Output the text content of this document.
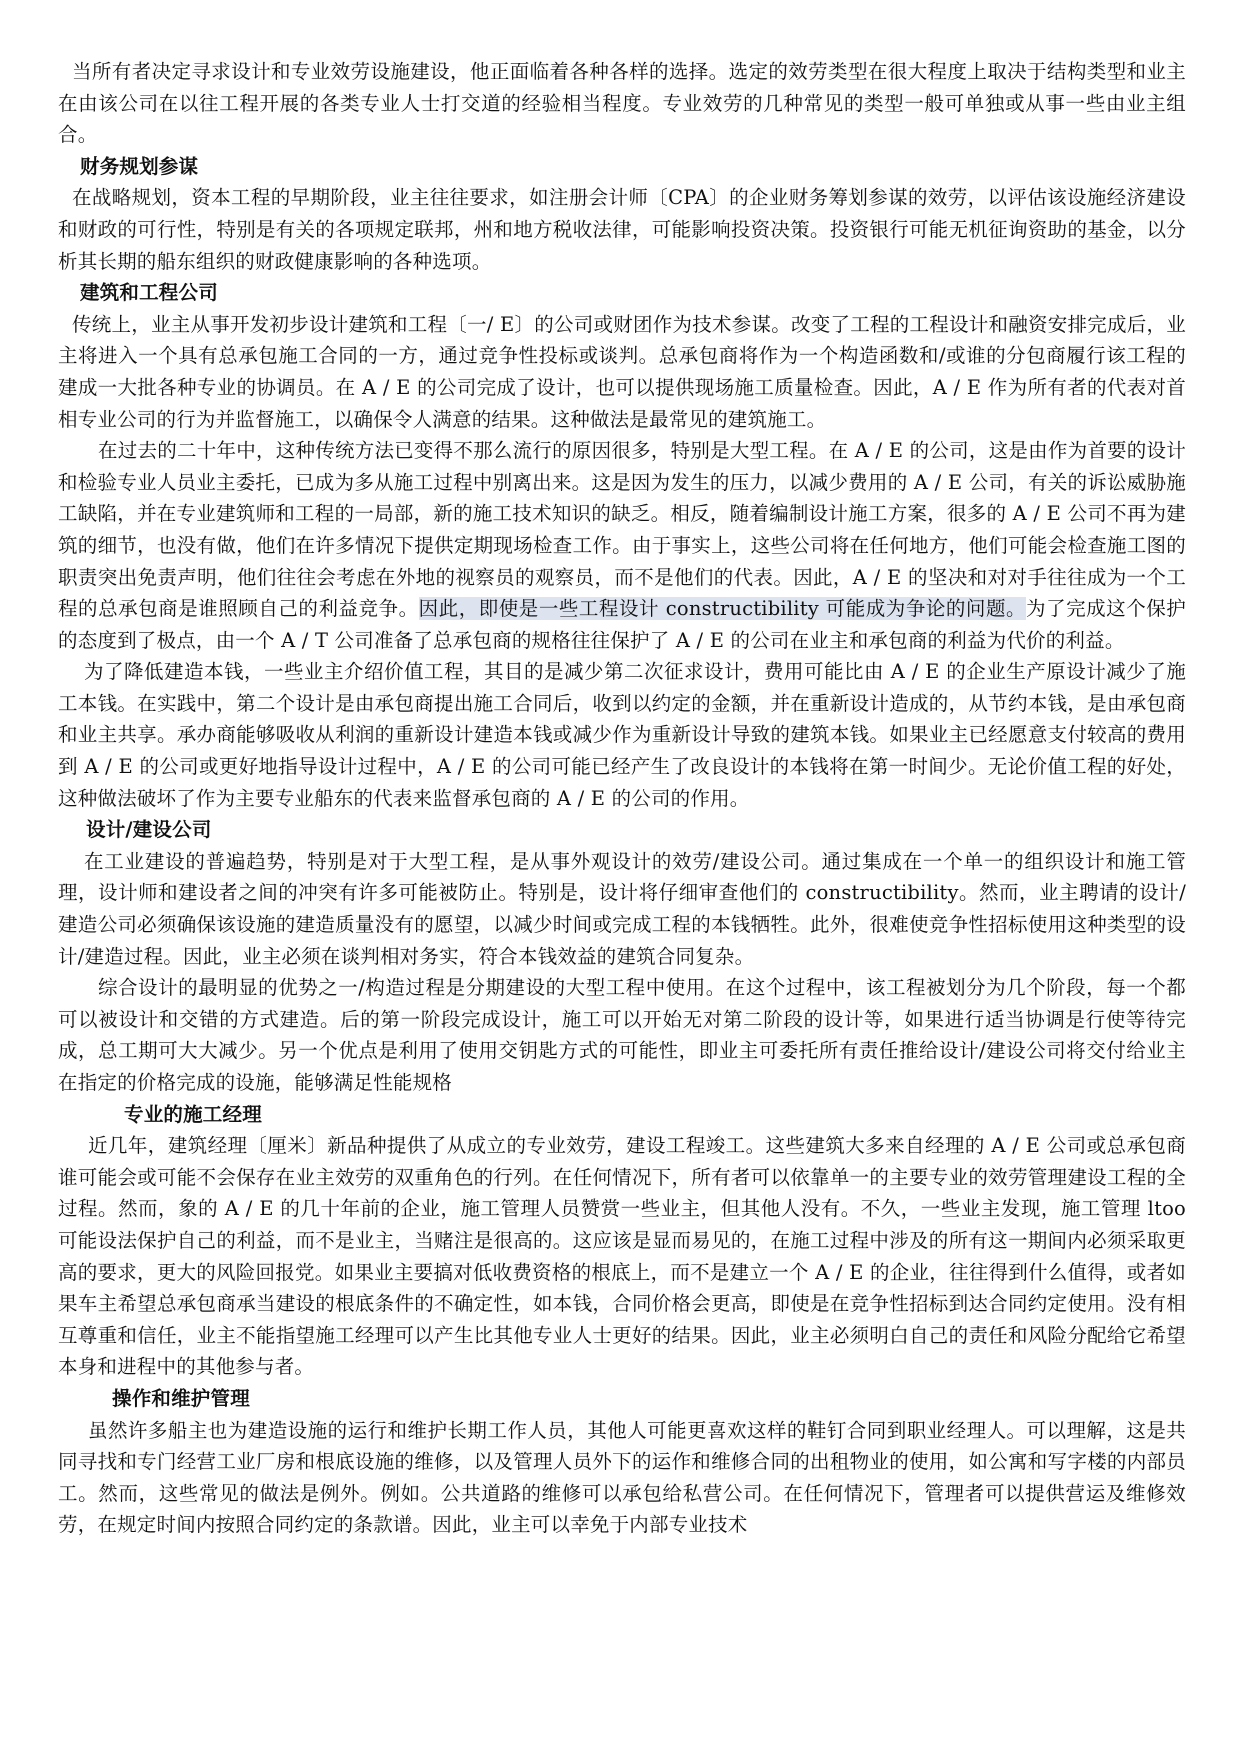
当所有者决定寻求设计和专业效劳设施建设，他正面临着各种各样的选择。选定的效劳类型在很大程度上取决于结构类型和业主在由该公司在以往工程开展的各类专业人士打交道的经验相当程度。专业效劳的几种常见的类型一般可单独或从事一些由业主组合。

财务规划参谋

在战略规划，资本工程的早期阶段，业主往往要求，如注册会计师〔CPA〕的企业财务筹划参谋的效劳，以评估该设施经济建设和财政的可行性，特别是有关的各项规定联邦，州和地方税收法律，可能影响投资决策。投资银行可能无机征询资助的基金，以分析其长期的船东组织的财政健康影响的各种选项。

建筑和工程公司

传统上，业主从事开发初步设计建筑和工程〔一/ E〕的公司或财团作为技术参谋。改变了工程的工程设计和融资安排完成后，业主将进入一个具有总承包施工合同的一方，通过竞争性投标或谈判。总承包商将作为一个构造函数和/或谁的分包商履行该工程的建成一大批各种专业的协调员。在 A / E 的公司完成了设计，也可以提供现场施工质量检查。因此，A / E 作为所有者的代表对首相专业公司的行为并监督施工，以确保令人满意的结果。这种做法是最常见的建筑施工。

在过去的二十年中，这种传统方法已变得不那么流行的原因很多，特别是大型工程。在 A / E 的公司，这是由作为首要的设计和检验专业人员业主委托，已成为多从施工过程中别离出来。这是因为发生的压力，以减少费用的 A / E 公司，有关的诉讼威胁施工缺陷，并在专业建筑师和工程的一局部，新的施工技术知识的缺乏。相反，随着编制设计施工方案，很多的 A / E 公司不再为建筑的细节，也没有做，他们在许多情况下提供定期现场检查工作。由于事实上，这些公司将在任何地方，他们可能会检查施工图的职责突出免责声明，他们往往会考虑在外地的视察员的观察员，而不是他们的代表。因此，A / E 的坚决和对对手往往成为一个工程的总承包商是谁照顾自己的利益竞争。因此，即使是一些工程设计 constructibility 可能成为争论的问题。为了完成这个保护的态度到了极点，由一个 A / T 公司准备了总承包商的规格往往保护了 A / E 的公司在业主和承包商的利益为代价的利益。

为了降低建造本钱，一些业主介绍价值工程，其目的是减少第二次征求设计，费用可能比由 A / E 的企业生产原设计减少了施工本钱。在实践中，第二个设计是由承包商提出施工合同后，收到以约定的金额，并在重新设计造成的，从节约本钱，是由承包商和业主共享。承办商能够吸收从利润的重新设计建造本钱或减少作为重新设计导致的建筑本钱。如果业主已经愿意支付较高的费用到 A / E 的公司或更好地指导设计过程中，A / E 的公司可能已经产生了改良设计的本钱将在第一时间少。无论价值工程的好处，这种做法破坏了作为主要专业船东的代表来监督承包商的 A / E 的公司的作用。

设计/建设公司

在工业建设的普遍趋势，特别是对于大型工程，是从事外观设计的效劳/建设公司。通过集成在一个单一的组织设计和施工管理，设计师和建设者之间的冲突有许多可能被防止。特别是，设计将仔细审查他们的 constructibility。然而，业主聘请的设计/建造公司必须确保该设施的建造质量没有的愿望，以减少时间或完成工程的本钱牺牲。此外，很难使竞争性招标使用这种类型的设计/建造过程。因此，业主必须在谈判相对务实，符合本钱效益的建筑合同复杂。

综合设计的最明显的优势之一/构造过程是分期建设的大型工程中使用。在这个过程中，该工程被划分为几个阶段，每一个都可以被设计和交错的方式建造。后的第一阶段完成设计，施工可以开始无对第二阶段的设计等，如果进行适当协调是行使等待完成，总工期可大大减少。另一个优点是利用了使用交钥匙方式的可能性，即业主可委托所有责任推给设计/建设公司将交付给业主在指定的价格完成的设施，能够满足性能规格

专业的施工经理

近几年，建筑经理〔厘米〕新品种提供了从成立的专业效劳，建设工程竣工。这些建筑大多来自经理的 A / E 公司或总承包商谁可能会或可能不会保存在业主效劳的双重角色的行列。在任何情况下，所有者可以依靠单一的主要专业的效劳管理建设工程的全过程。然而，象的 A / E 的几十年前的企业，施工管理人员赞赏一些业主，但其他人没有。不久，一些业主发现，施工管理 ltoo 可能设法保护自己的利益，而不是业主，当赌注是很高的。这应该是显而易见的，在施工过程中涉及的所有这一期间内必须采取更高的要求，更大的风险回报党。如果业主要搞对低收费资格的根底上，而不是建立一个 A / E 的企业，往往得到什么值得，或者如果车主希望总承包商承当建设的根底条件的不确定性，如本钱，合同价格会更高，即使是在竞争性招标到达合同约定使用。没有相互尊重和信任，业主不能指望施工经理可以产生比其他专业人士更好的结果。因此，业主必须明白自己的责任和风险分配给它希望本身和进程中的其他参与者。

操作和维护管理

虽然许多船主也为建造设施的运行和维护长期工作人员，其他人可能更喜欢这样的鞋钉合同到职业经理人。可以理解，这是共同寻找和专门经营工业厂房和根底设施的维修，以及管理人员外下的运作和维修合同的出租物业的使用，如公寓和写字楼的内部员工。然而，这些常见的做法是例外。例如。公共道路的维修可以承包给私营公司。在任何情况下，管理者可以提供营运及维修效劳，在规定时间内按照合同约定的条款谱。因此，业主可以幸免于内部专业技术
